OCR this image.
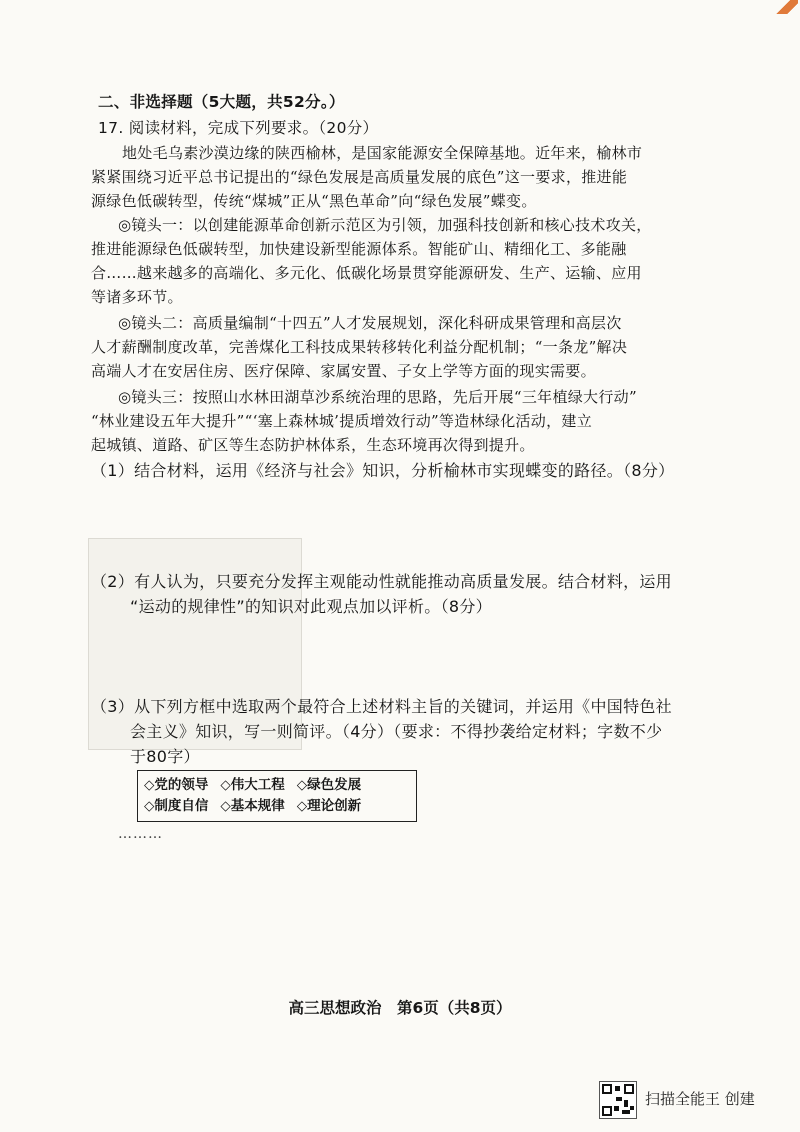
二、非选择题（5大题，共52分。）
17. 阅读材料，完成下列要求。（20分）
地处毛乌素沙漠边缘的陕西榆林，是国家能源安全保障基地。近年来，榆林市
紧紧围绕习近平总书记提出的“绿色发展是高质量发展的底色”这一要求，推进能
源绿色低碳转型，传统“煤城”正从“黑色革命”向“绿色发展”蝶变。
◎镜头一：以创建能源革命创新示范区为引领，加强科技创新和核心技术攻关，
推进能源绿色低碳转型，加快建设新型能源体系。智能矿山、精细化工、多能融
合……越来越多的高端化、多元化、低碳化场景贯穿能源研发、生产、运输、应用
等诸多环节。
◎镜头二：高质量编制“十四五”人才发展规划，深化科研成果管理和高层次
人才薪酬制度改革，完善煤化工科技成果转移转化利益分配机制；“一条龙”解决
高端人才在安居住房、医疗保障、家属安置、子女上学等方面的现实需要。
◎镜头三：按照山水林田湖草沙系统治理的思路，先后开展“三年植绿大行动”
“林业建设五年大提升”“‘塞上森林城’提质增效行动”等造林绿化活动，建立
起城镇、道路、矿区等生态防护林体系，生态环境再次得到提升。
（1）结合材料，运用《经济与社会》知识，分析榆林市实现蝶变的路径。（8分）
（2）有人认为，只要充分发挥主观能动性就能推动高质量发展。结合材料，运用
“运动的规律性”的知识对此观点加以评析。（8分）
（3）从下列方框中选取两个最符合上述材料主旨的关键词，并运用《中国特色社
会主义》知识，写一则简评。（4分）（要求：不得抄袭给定材料；字数不少
于80字）
◇党的领导 ◇伟大工程 ◇绿色发展
◇制度自信 ◇基本规律 ◇理论创新
………
高三思想政治　第6页（共8页）
扫描全能王 创建
